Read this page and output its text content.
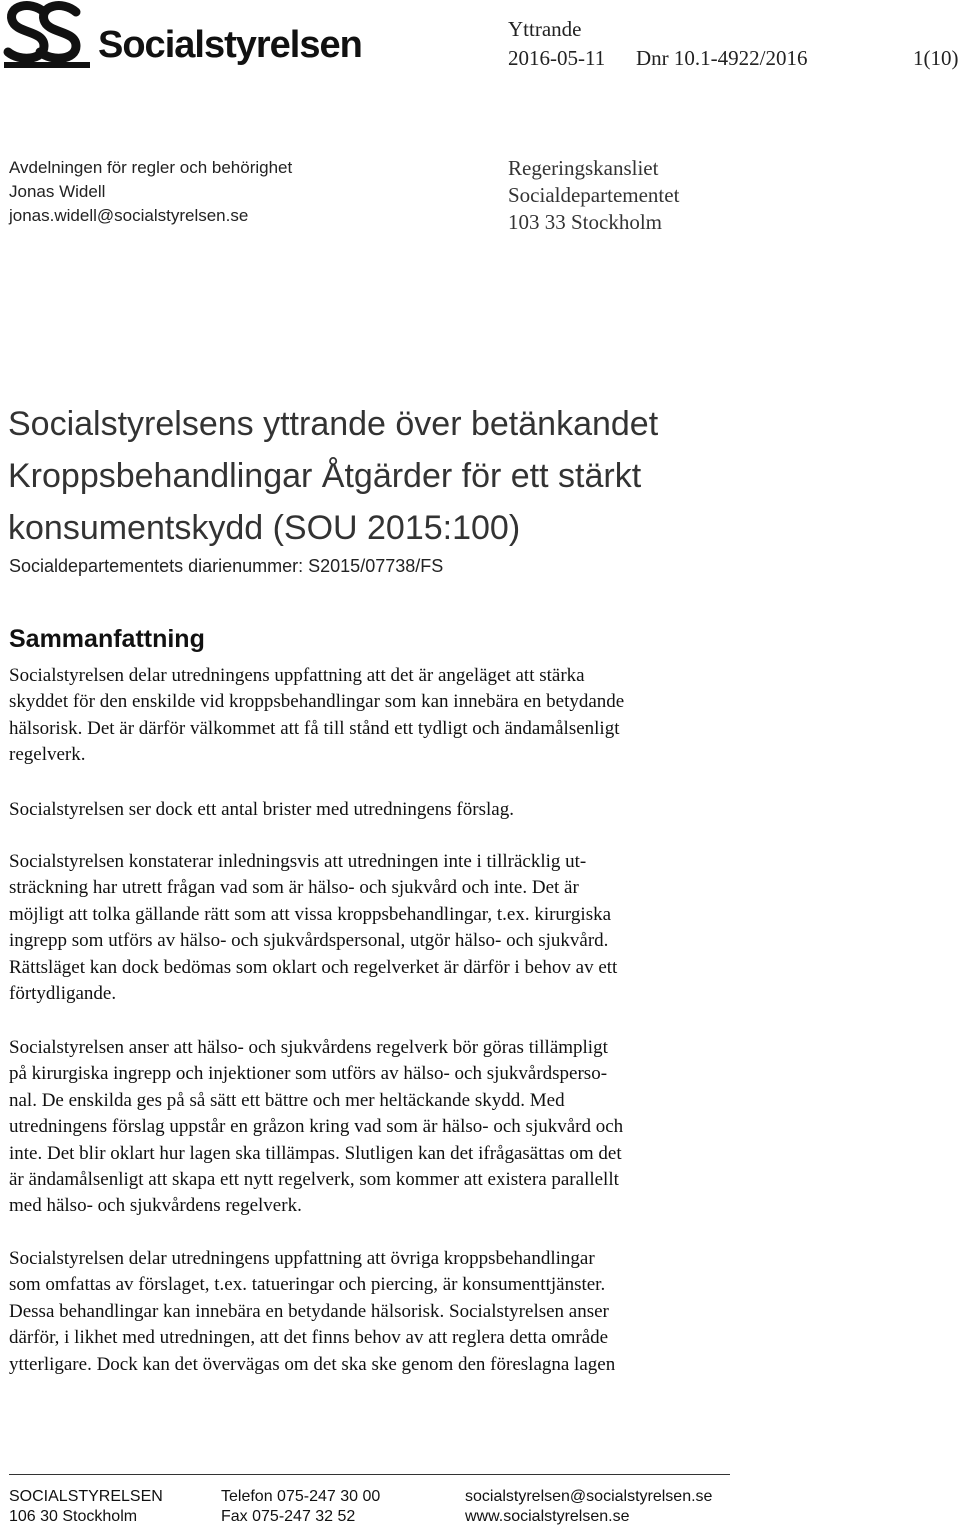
Socialstyrelsen	Yttrande
2016-05-11 Dnr 10.1-4922/2016	1(10)
Avdelningen för regler och behörighet
Jonas Widell
jonas.widell@socialstyrelsen.se
Regeringskansliet
Socialdepartementet
103 33 Stockholm
Socialstyrelsens yttrande över betänkandet
Kroppsbehandlingar Åtgärder för ett stärkt
konsumentskydd (SOU 2015:100)
Socialdepartementets diarienummer: S2015/07738/FS
Sammanfattning
Socialstyrelsen delar utredningens uppfattning att det är angeläget att stärka
skyddet för den enskilde vid kroppsbehandlingar som kan innebära en betydande
hälsorisk. Det är därför välkommet att få till stånd ett tydligt och ändamålsenligt
regelverk.
Socialstyrelsen ser dock ett antal brister med utredningens förslag.
Socialstyrelsen konstaterar inledningsvis att utredningen inte i tillräcklig ut-
sträckning har utrett frågan vad som är hälso- och sjukvård och inte. Det är
möjligt att tolka gällande rätt som att vissa kroppsbehandlingar, t.ex. kirurgiska
ingrepp som utförs av hälso- och sjukvårdspersonal, utgör hälso- och sjukvård.
Rättsläget kan dock bedömas som oklart och regelverket är därför i behov av ett
förtydligande.
Socialstyrelsen anser att hälso- och sjukvårdens regelverk bör göras tillämpligt
på kirurgiska ingrepp och injektioner som utförs av hälso- och sjukvårdsperso-
nal. De enskilda ges på så sätt ett bättre och mer heltäckande skydd. Med
utredningens förslag uppstår en gråzon kring vad som är hälso- och sjukvård och
inte. Det blir oklart hur lagen ska tillämpas. Slutligen kan det ifrågasättas om det
är ändamålsenligt att skapa ett nytt regelverk, som kommer att existera parallellt
med hälso- och sjukvårdens regelverk.
Socialstyrelsen delar utredningens uppfattning att övriga kroppsbehandlingar
som omfattas av förslaget, t.ex. tatueringar och piercing, är konsumenttjänster.
Dessa behandlingar kan innebära en betydande hälsorisk. Socialstyrelsen anser
därför, i likhet med utredningen, att det finns behov av att reglera detta område
ytterligare. Dock kan det övervägas om det ska ske genom den föreslagna lagen
SOCIALSTYRELSEN
106 30 Stockholm
Telefon 075-247 30 00
Fax 075-247 32 52
socialstyrelsen@socialstyrelsen.se
www.socialstyrelsen.se
